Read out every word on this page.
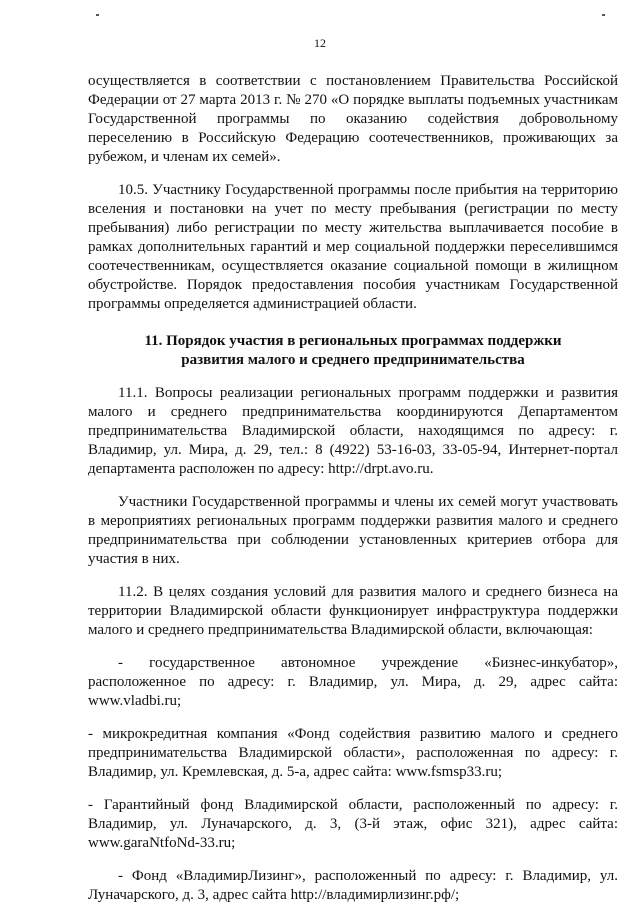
12

осуществляется в соответствии с постановлением Правительства Российской Федерации от 27 марта 2013 г. № 270 «О порядке выплаты подъемных участникам Государственной программы по оказанию содействия добровольному переселению в Российскую Федерацию соотечественников, проживающих за рубежом, и членам их семей».

10.5. Участнику Государственной программы после прибытия на территорию вселения и постановки на учет по месту пребывания (регистрации по месту пребывания) либо регистрации по месту жительства выплачивается пособие в рамках дополнительных гарантий и мер социальной поддержки переселившимся соотечественникам, осуществляется оказание социальной помощи в жилищном обустройстве. Порядок предоставления пособия участникам Государственной программы определяется администрацией области.

11. Порядок участия в региональных программах поддержки
развития малого и среднего предпринимательства

11.1. Вопросы реализации региональных программ поддержки и развития малого и среднего предпринимательства координируются Департаментом предпринимательства Владимирской области, находящимся по адресу: г. Владимир, ул. Мира, д. 29, тел.: 8 (4922) 53-16-03, 33-05-94, Интернет-портал департамента расположен по адресу: http://drpt.avo.ru.

Участники Государственной программы и члены их семей могут участвовать в мероприятиях региональных программ поддержки развития малого и среднего предпринимательства при соблюдении установленных критериев отбора для участия в них.

11.2. В целях создания условий для развития малого и среднего бизнеса на территории Владимирской области функционирует инфраструктура поддержки малого и среднего предпринимательства Владимирской области, включающая:

- государственное автономное учреждение «Бизнес-инкубатор», расположенное по адресу: г. Владимир, ул. Мира, д. 29, адрес сайта: www.vladbi.ru;

- микрокредитная компания «Фонд содействия развитию малого и среднего предпринимательства Владимирской области», расположенная по адресу: г. Владимир, ул. Кремлевская, д. 5-а, адрес сайта: www.fsmsp33.ru;

- Гарантийный фонд Владимирской области, расположенный по адресу: г. Владимир, ул. Луначарского, д. 3, (3-й этаж, офис 321), адрес сайта: www.garaNtfoNd-33.ru;

- Фонд «ВладимирЛизинг», расположенный по адресу: г. Владимир, ул. Луначарского, д. 3, адрес сайта http://владимирлизинг.рф/;
